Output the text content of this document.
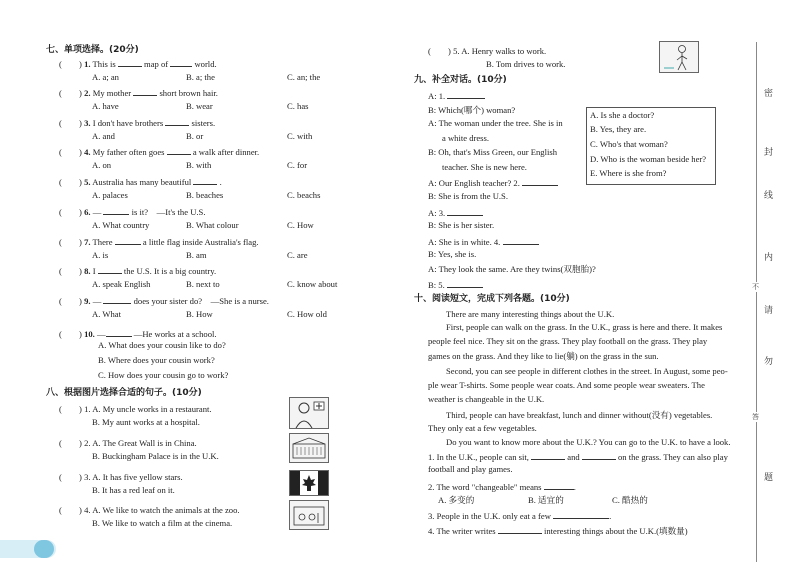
七、单项选择。(20分)
(　　) 1. This is	map of	world.
A. a; an	B. a; the	C. an; the
(　　) 2. My mother	short brown hair.
A. have	B. wear	C. has
(　　) 3. I don't have brothers	sisters.
A. and	B. or	C. with
(　　) 4. My father often goes	a walk after dinner.
A. on	B. with	C. for
(　　) 5. Australia has many beautiful	.
A. palaces	B. beaches	C. beachs
(　　) 6. —	is it?　—It's the U.S.
A. What country	B. What colour	C. How
(　　) 7. There	a little flag inside Australia's flag.
A. is	B. am	C. are
(　　) 8. I	the U.S. It is a big country.
A. speak English	B. next to	C. know about
(　　) 9. —	does your sister do?　—She is a nurse.
A. What	B. How	C. How old
(　　) 10. —	—He works at a school.
A. What does your cousin like to do?
B. Where does your cousin work?
C. How does your cousin go to work?
八、根据图片选择合适的句子。(10分)
(　　) 1. A. My uncle works in a restaurant.
B. My aunt works at a hospital.
(　　) 2. A. The Great Wall is in China.
B. Buckingham Palace is in the U.K.
(　　) 3. A. It has five yellow stars.
B. It has a red leaf on it.
(　　) 4. A. We like to watch the animals at the zoo.
B. We like to watch a film at the cinema.
(　　) 5. A. Henry walks to work.
B. Tom drives to work.
九、补全对话。(10分)
A: 1.
B: Which(哪个) woman?
A: The woman under the tree. She is in
a white dress.
B: Oh, that's Miss Green, our English
teacher. She is new here.
A: Our English teacher? 2.
B: She is from the U.S.
A: 3.
B: She is her sister.
A: She is in white. 4.
B: Yes, she is.
A: They look the same. Are they twins(双胞胎)?
B: 5.
A. Is she a doctor?
B. Yes, they are.
C. Who's that woman?
D. Who is the woman beside her?
E. Where is she from?
十、阅读短文，完成下列各题。(10分)
There are many interesting things about the U.K.
First, people can walk on the grass. In the U.K., grass is here and there. It makes
people feel nice. They sit on the grass. They play football on the grass. They play
games on the grass. And they like to lie(躺) on the grass in the sun.
Second, you can see people in different clothes in the street. In August, some peo-
ple wear T-shirts. Some people wear coats. And some people wear sweaters. The
weather is changeable in the U.K.
Third, people can have breakfast, lunch and dinner without(没有) vegetables.
They only eat a few vegetables.
Do you want to know more about the U.K.? You can go to the U.K. to have a look.
1. In the U.K., people can sit,	and	on the grass. They can also play
football and play games.
2. The word "changeable" means	.
A. 多变的	B. 适宜的	C. 酷热的
3. People in the U.K. only eat a few	.
4. The writer writes	interesting things about the U.K.(填数量)
密
封
线
内
不
请
勿
答
题
